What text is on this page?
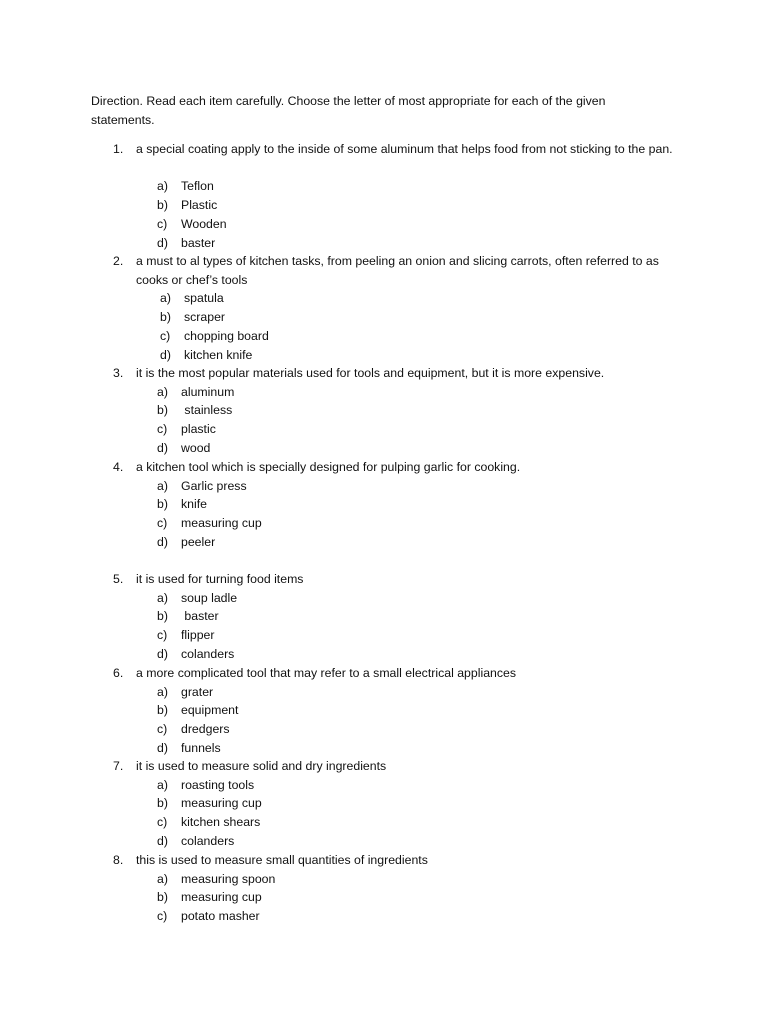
Direction. Read each item carefully. Choose the letter of most appropriate for each of the given statements.
1. a special coating apply to the inside of some aluminum that helps food from not sticking to the pan.
a) Teflon
b) Plastic
c) Wooden
d) baster
2. a must to al types of kitchen tasks, from peeling an onion and slicing carrots, often referred to as cooks or chef’s tools
a) spatula
b) scraper
c) chopping board
d) kitchen knife
3. it is the most popular materials used for tools and equipment, but it is more expensive.
a) aluminum
b) stainless
c) plastic
d) wood
4. a kitchen tool which is specially designed for pulping garlic for cooking.
a) Garlic press
b) knife
c) measuring cup
d) peeler
5. it is used for turning food items
a) soup ladle
b) baster
c) flipper
d) colanders
6. a more complicated tool that may refer to a small electrical appliances
a) grater
b) equipment
c) dredgers
d) funnels
7. it is used to measure solid and dry ingredients
a) roasting tools
b) measuring cup
c) kitchen shears
d) colanders
8. this is used to measure small quantities of ingredients
a) measuring spoon
b) measuring cup
c) potato masher
